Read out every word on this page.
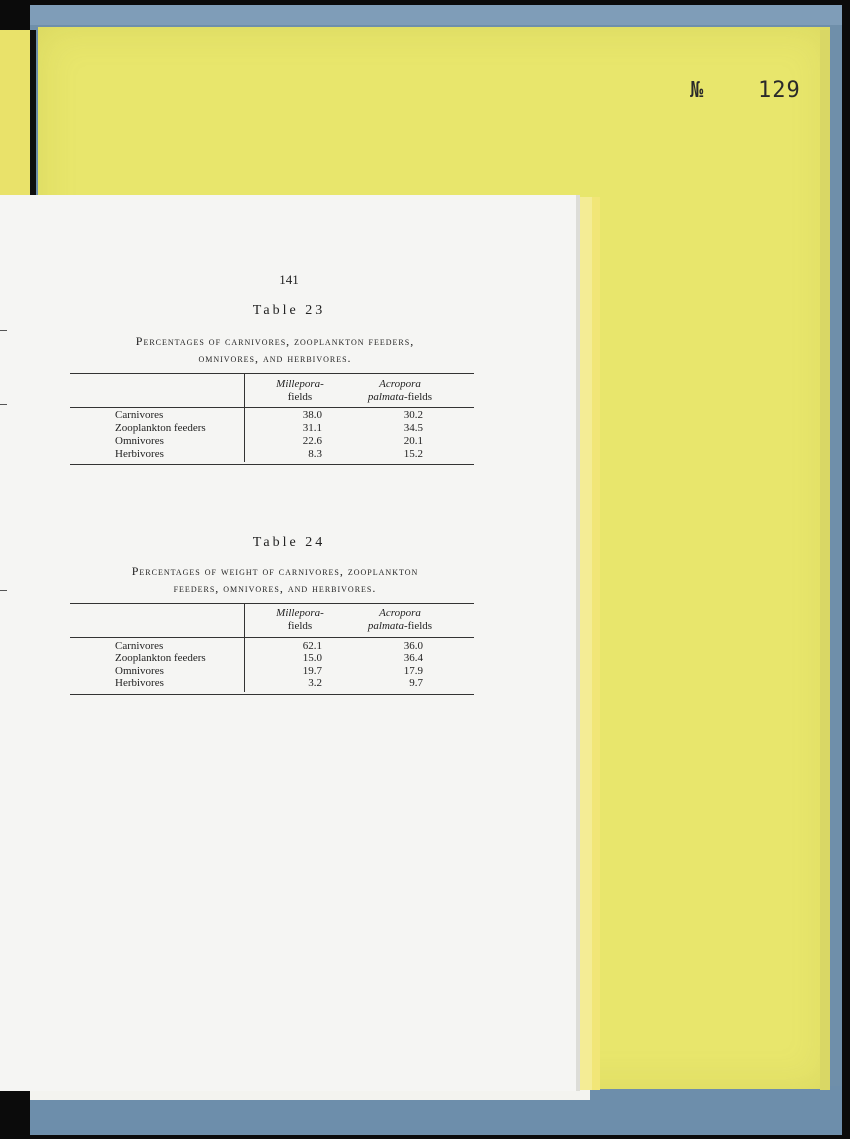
№ 129
141
Table 23
Percentages of carnivores, zooplankton feeders,
omnivores, and herbivores.
Millepora-
fields
Acropora
palmata-fields
Carnivores	38.0	30.2
Zooplankton feeders	31.1	34.5
Omnivores	22.6	20.1
Herbivores	8.3	15.2
Table 24
Percentages of weight of carnivores, zooplankton
feeders, omnivores, and herbivores.
Millepora-
fields
Acropora
palmata-fields
Carnivores	62.1	36.0
Zooplankton feeders	15.0	36.4
Omnivores	19.7	17.9
Herbivores	3.2	9.7
